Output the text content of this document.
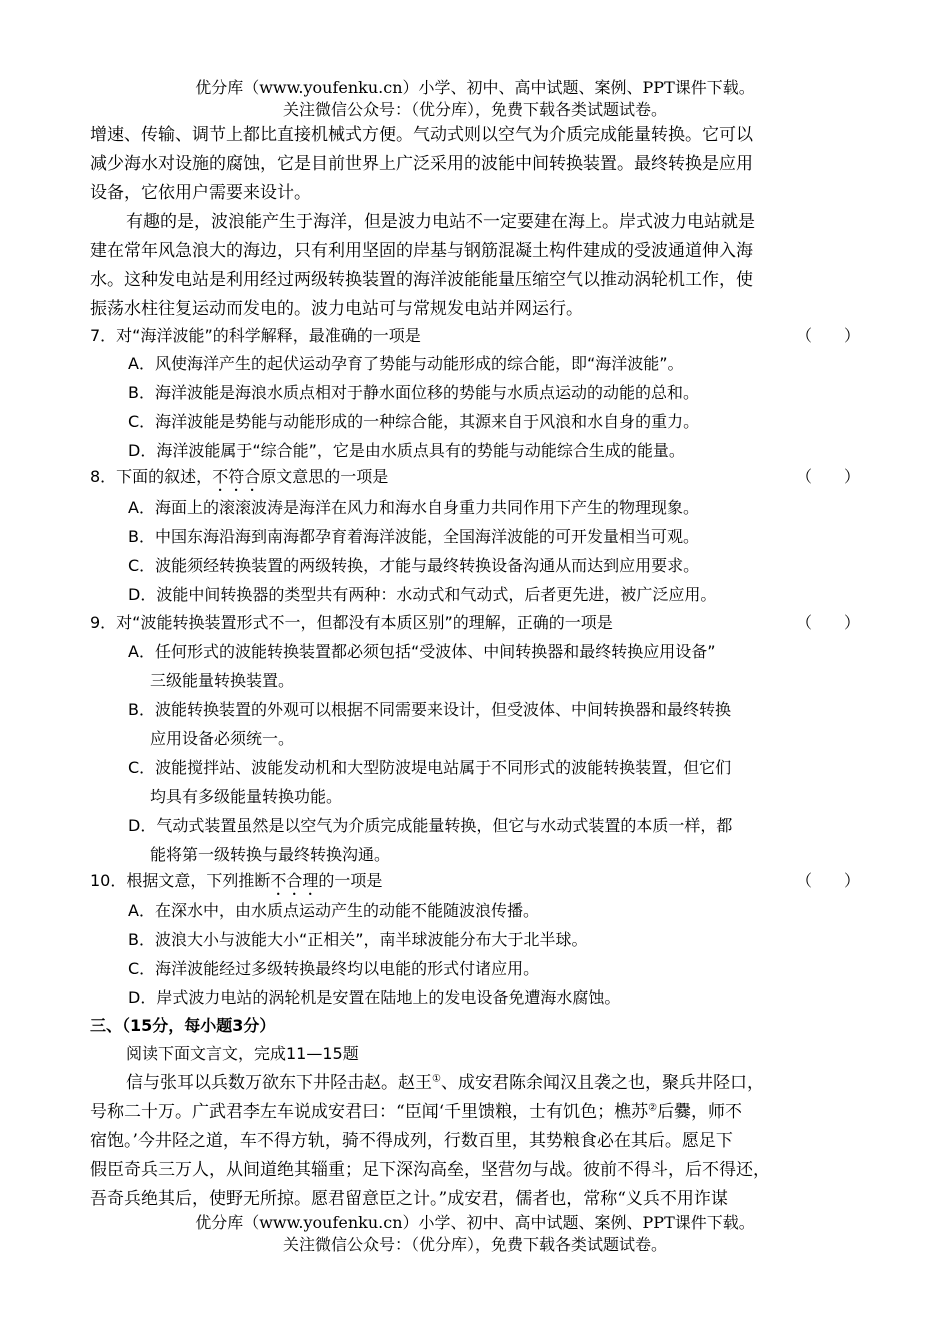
优分库（www.youfenku.cn）小学、初中、高中试题、案例、PPT课件下载。
关注微信公众号：（优分库），免费下载各类试题试卷。
增速、传输、调节上都比直接机械式方便。气动式则以空气为介质完成能量转换。它可以
减少海水对设施的腐蚀，它是目前世界上广泛采用的波能中间转换装置。最终转换是应用
设备，它依用户需要来设计。
有趣的是，波浪能产生于海洋，但是波力电站不一定要建在海上。岸式波力电站就是
建在常年风急浪大的海边，只有利用坚固的岸基与钢筋混凝土构件建成的受波通道伸入海
水。这种发电站是利用经过两级转换装置的海洋波能能量压缩空气以推动涡轮机工作，使
振荡水柱往复运动而发电的。波力电站可与常规发电站并网运行。
7．对“海洋波能”的科学解释，最准确的一项是	（　　）
A．风使海洋产生的起伏运动孕育了势能与动能形成的综合能，即“海洋波能”。
B．海洋波能是海浪水质点相对于静水面位移的势能与水质点运动的动能的总和。
C．海洋波能是势能与动能形成的一种综合能，其源来自于风浪和水自身的重力。
D．海洋波能属于“综合能”，它是由水质点具有的势能与动能综合生成的能量。
8．下面的叙述，不符合原文意思的一项是	（　　）
A．海面上的滚滚波涛是海洋在风力和海水自身重力共同作用下产生的物理现象。
B．中国东海沿海到南海都孕育着海洋波能，全国海洋波能的可开发量相当可观。
C．波能须经转换装置的两级转换，才能与最终转换设备沟通从而达到应用要求。
D．波能中间转换器的类型共有两种：水动式和气动式，后者更先进，被广泛应用。
9．对“波能转换装置形式不一，但都没有本质区别”的理解，正确的一项是	（　　）
A．任何形式的波能转换装置都必须包括“受波体、中间转换器和最终转换应用设备”
三级能量转换装置。
B．波能转换装置的外观可以根据不同需要来设计，但受波体、中间转换器和最终转换
应用设备必须统一。
C．波能搅拌站、波能发动机和大型防波堤电站属于不同形式的波能转换装置，但它们
均具有多级能量转换功能。
D．气动式装置虽然是以空气为介质完成能量转换，但它与水动式装置的本质一样，都
能将第一级转换与最终转换沟通。
10．根据文意，下列推断不合理的一项是	（　　）
A．在深水中，由水质点运动产生的动能不能随波浪传播。
B．波浪大小与波能大小“正相关”，南半球波能分布大于北半球。
C．海洋波能经过多级转换最终均以电能的形式付诸应用。
D．岸式波力电站的涡轮机是安置在陆地上的发电设备免遭海水腐蚀。
三、（15分，每小题3分）
阅读下面文言文，完成11—15题
信与张耳以兵数万欲东下井陉击赵。赵王①、成安君陈余闻汉且袭之也，聚兵井陉口，
号称二十万。广武君李左车说成安君曰：“臣闻‘千里馈粮，士有饥色；樵苏②后爨，师不
宿饱。’今井陉之道，车不得方轨，骑不得成列，行数百里，其势粮食必在其后。愿足下
假臣奇兵三万人，从间道绝其辎重；足下深沟高垒，坚营勿与战。彼前不得斗，后不得还，
吾奇兵绝其后，使野无所掠。愿君留意臣之计。”成安君，儒者也，常称“义兵不用诈谋
优分库（www.youfenku.cn）小学、初中、高中试题、案例、PPT课件下载。
关注微信公众号：（优分库），免费下载各类试题试卷。
